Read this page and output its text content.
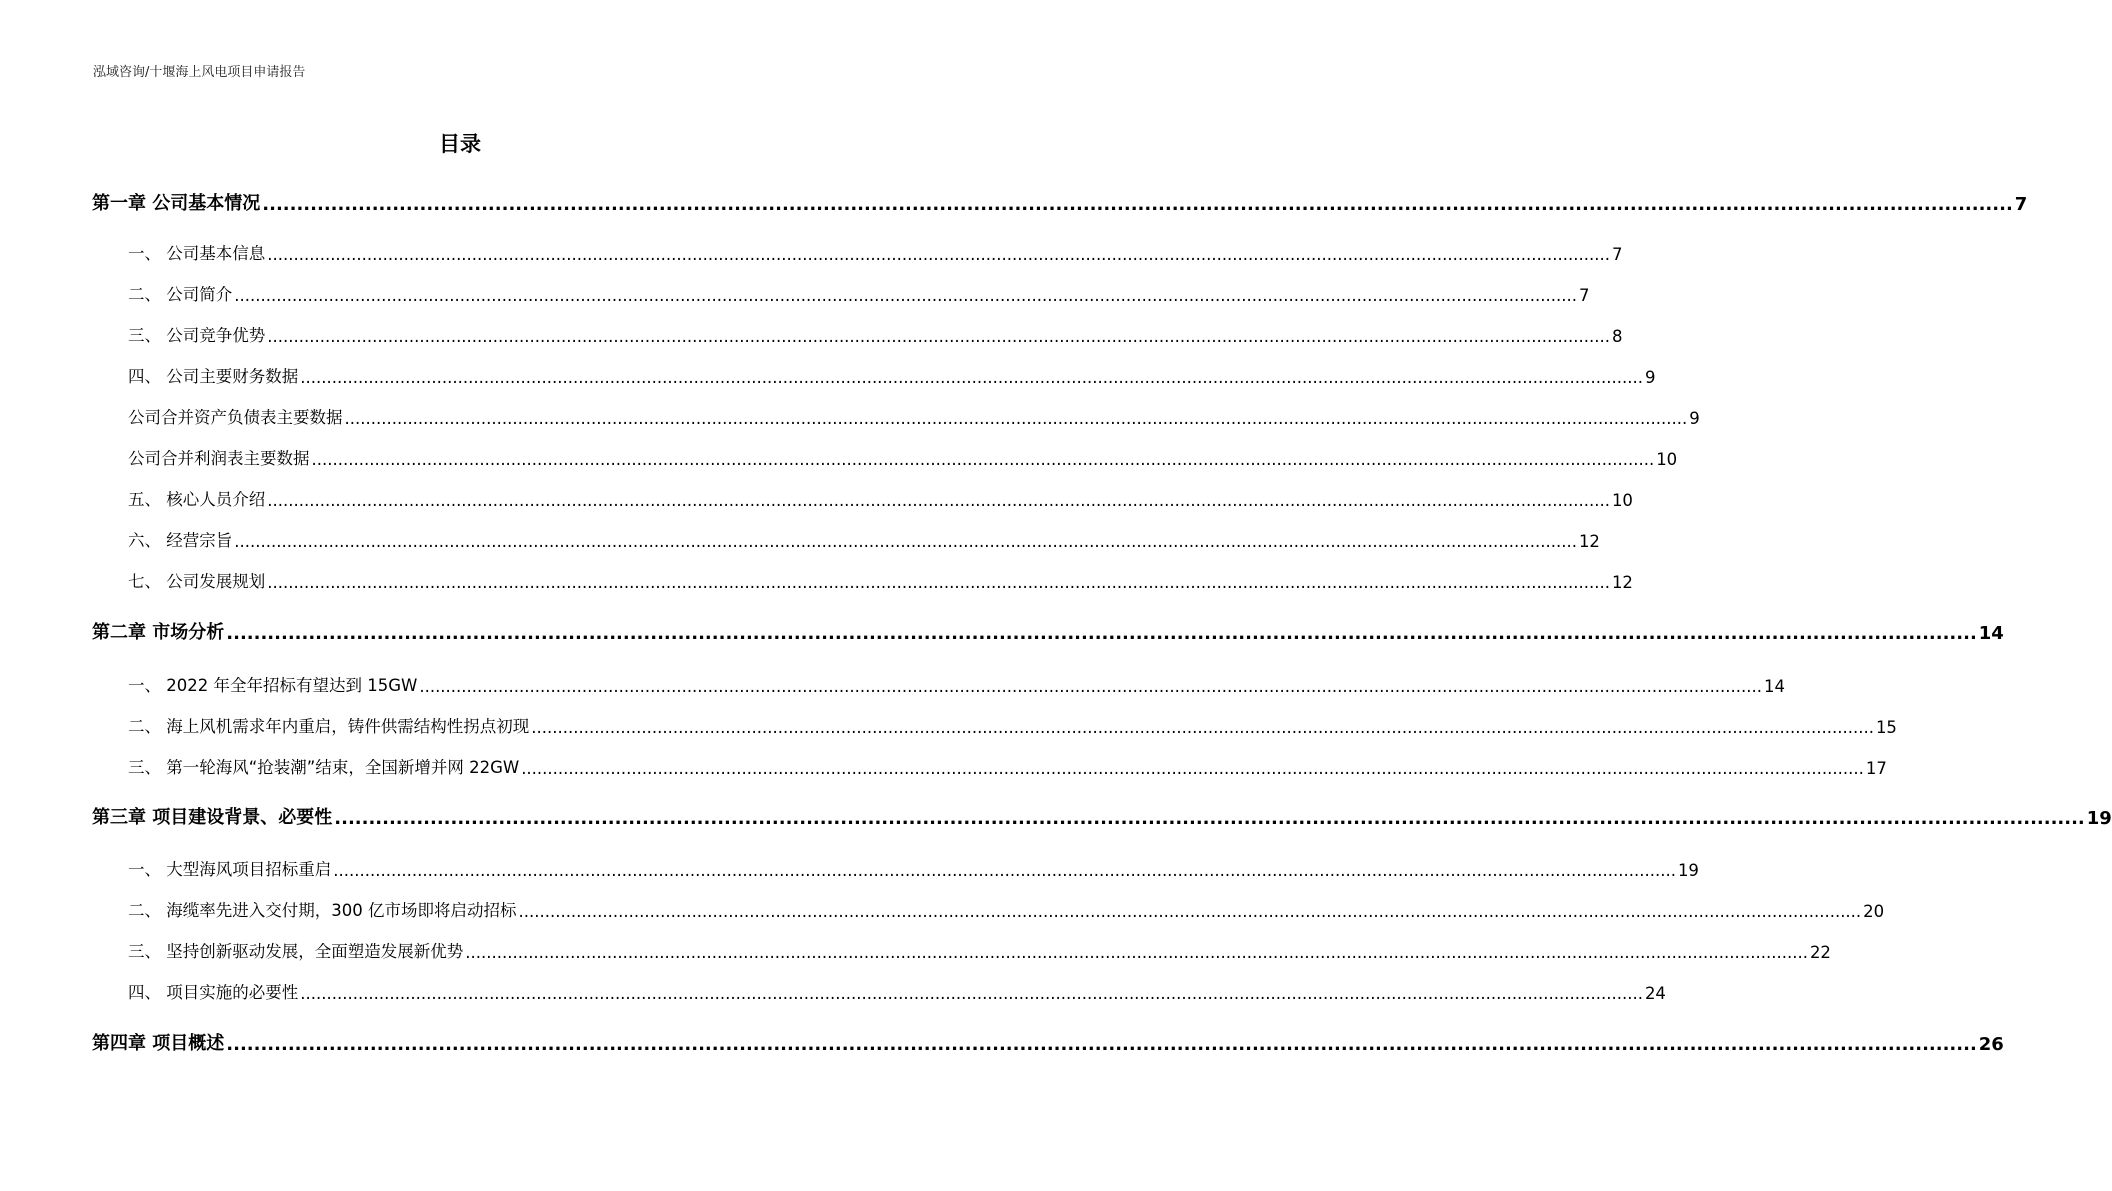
泓域咨询/十堰海上风电项目申请报告
目录
第一章 公司基本情况 ................................................................................................................................................................................................................................................................ 7
一、 公司基本信息 ................................................................................................................................................................................................................................................................ 7
二、 公司简介 ................................................................................................................................................................................................................................................................ 7
三、 公司竞争优势 ................................................................................................................................................................................................................................................................ 8
四、 公司主要财务数据 ................................................................................................................................................................................................................................................................ 9
公司合并资产负债表主要数据 ................................................................................................................................................................................................................................................................ 9
公司合并利润表主要数据 ................................................................................................................................................................................................................................................................ 10
五、 核心人员介绍 ................................................................................................................................................................................................................................................................ 10
六、 经营宗旨 ................................................................................................................................................................................................................................................................ 12
七、 公司发展规划 ................................................................................................................................................................................................................................................................ 12
第二章 市场分析 ................................................................................................................................................................................................................................................................ 14
一、 2022 年全年招标有望达到 15GW ................................................................................................................................................................................................................................................................ 14
二、 海上风机需求年内重启，铸件供需结构性拐点初现 ................................................................................................................................................................................................................................................................ 15
三、 第一轮海风“抢装潮”结束，全国新增并网 22GW ................................................................................................................................................................................................................................................................ 17
第三章 项目建设背景、必要性 ................................................................................................................................................................................................................................................................ 19
一、 大型海风项目招标重启 ................................................................................................................................................................................................................................................................ 19
二、 海缆率先进入交付期，300 亿市场即将启动招标 ................................................................................................................................................................................................................................................................ 20
三、 坚持创新驱动发展，全面塑造发展新优势 ................................................................................................................................................................................................................................................................ 22
四、 项目实施的必要性 ................................................................................................................................................................................................................................................................ 24
第四章 项目概述 ................................................................................................................................................................................................................................................................ 26
